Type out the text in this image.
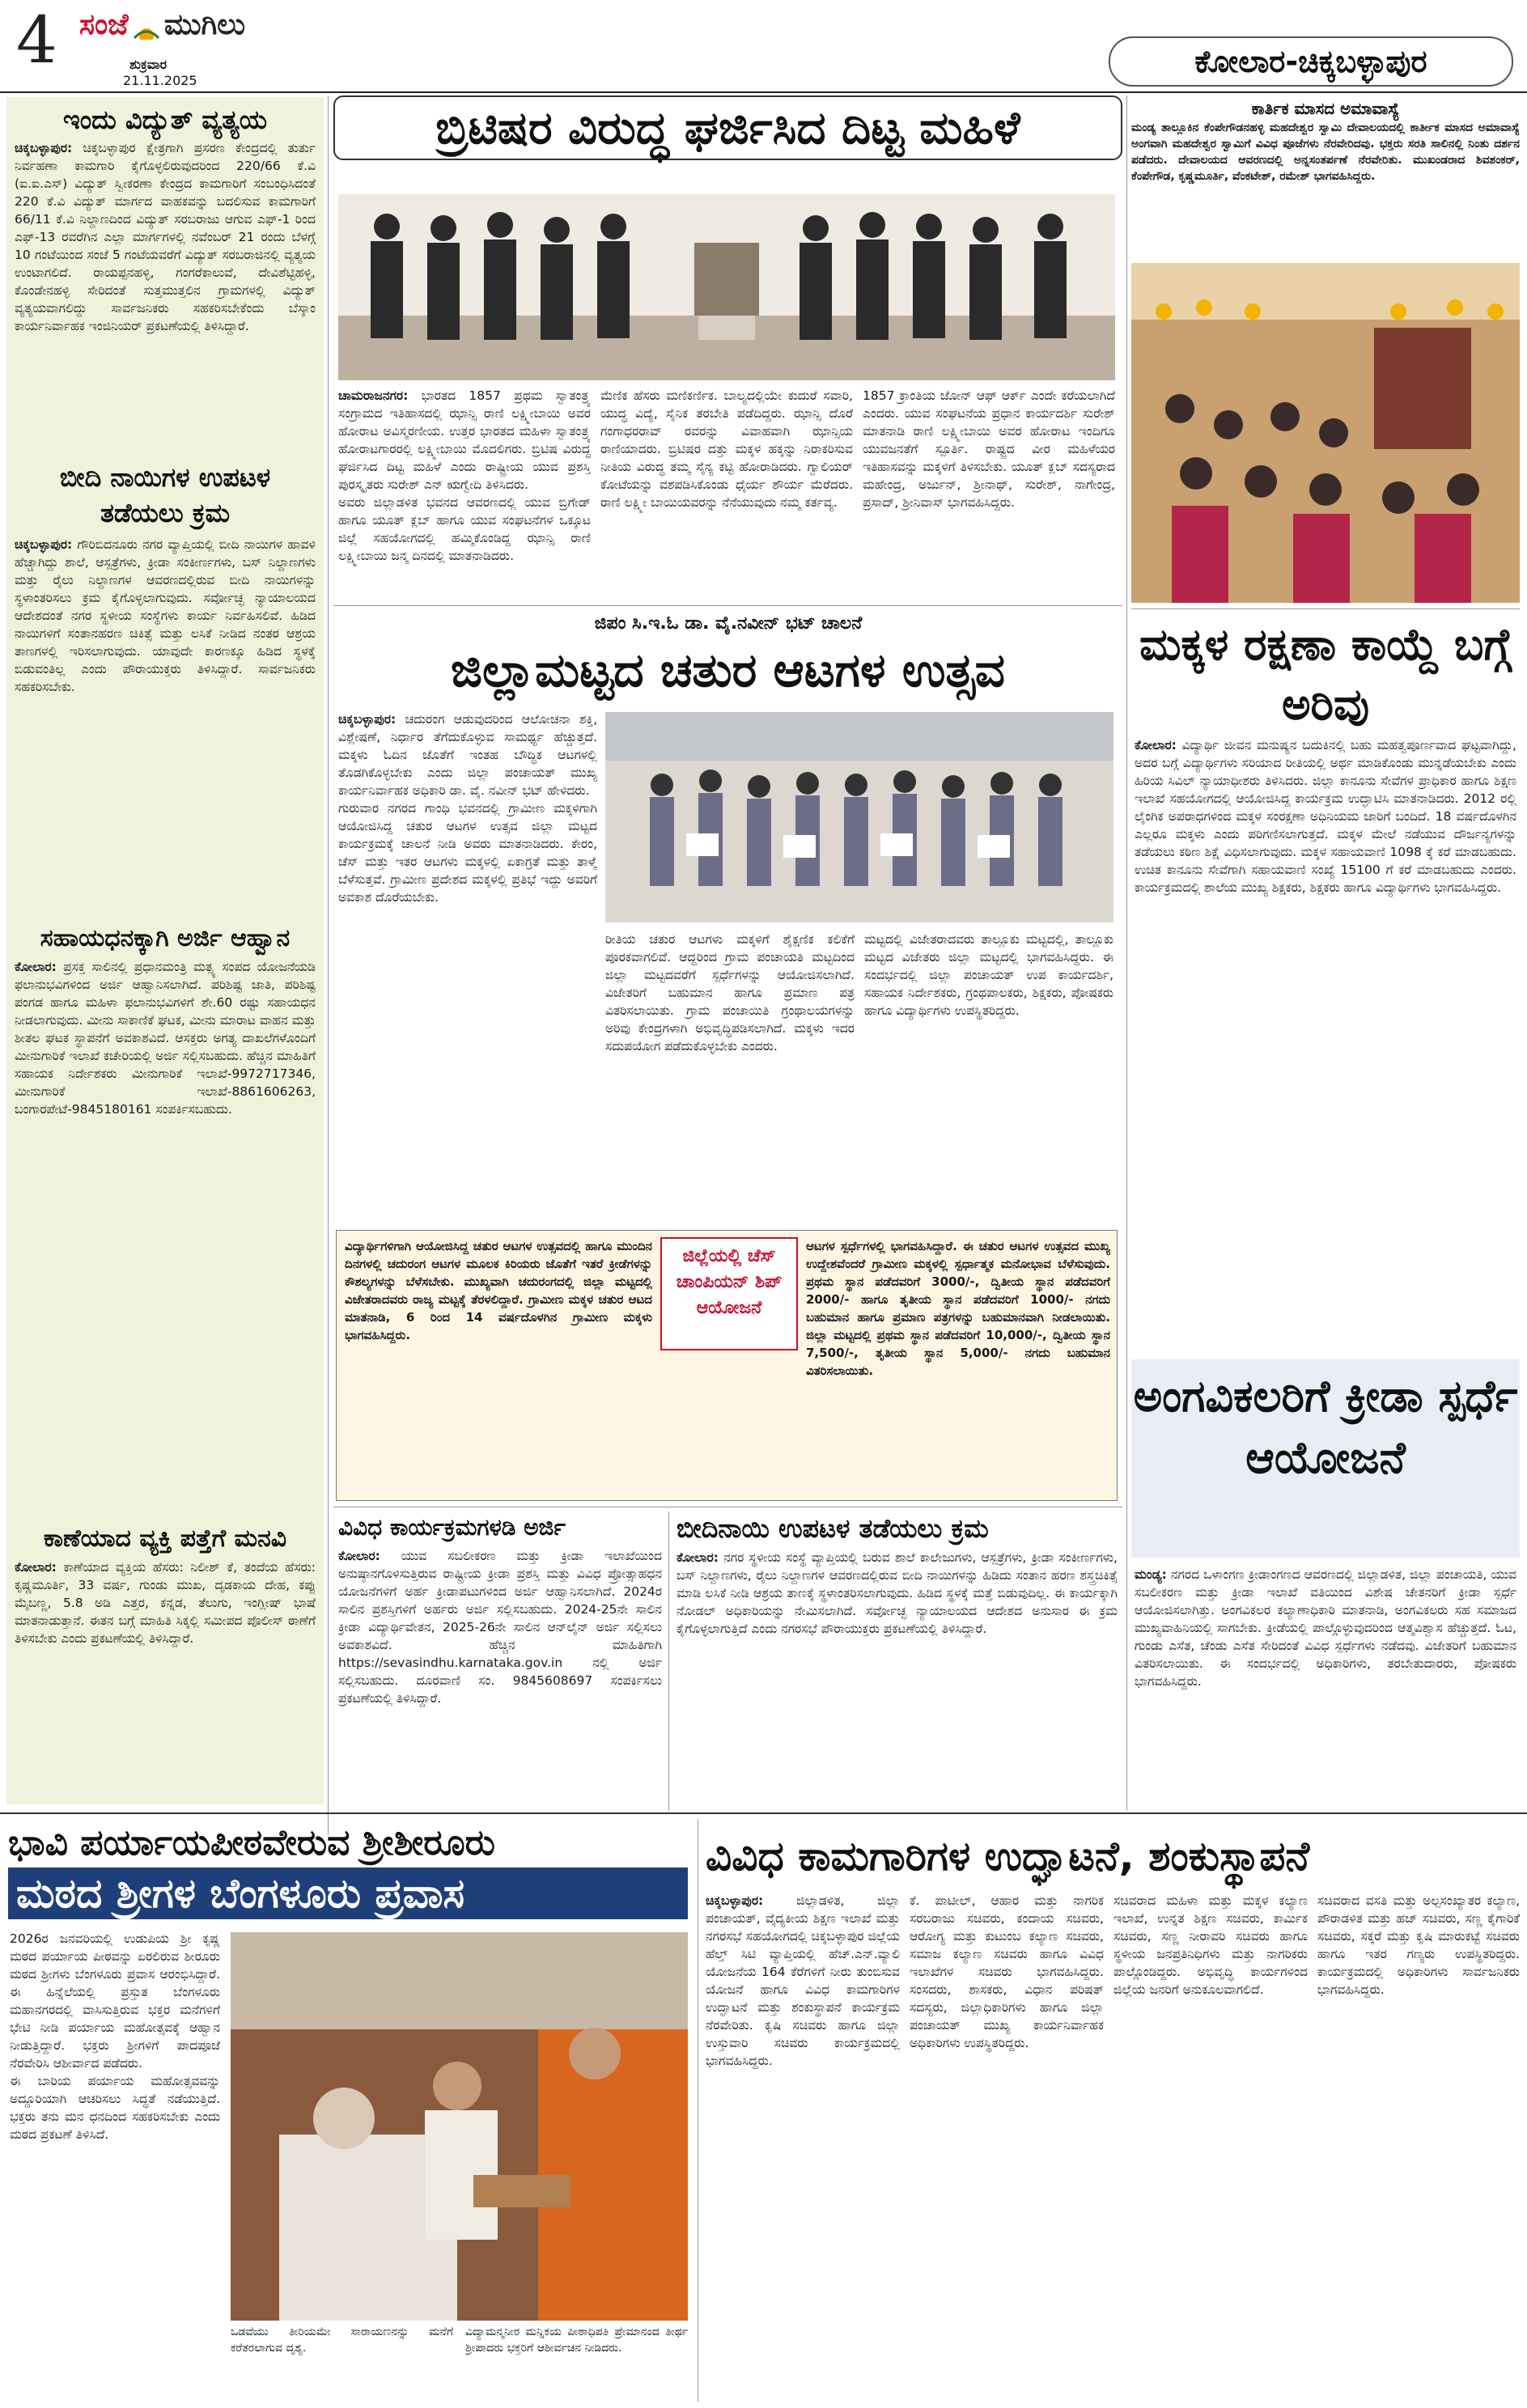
4 ಸಂಜೆ ಮುಗಿಲು
ಶುಕ್ರವಾರ
21.11.2025
ಕೋಲಾರ-ಚಿಕ್ಕಬಳ್ಳಾಪುರ
ಇಂದು ವಿದ್ಯುತ್ ವ್ಯತ್ಯಯ
ಚಿಕ್ಕಬಳ್ಳಾಪುರ: ಚಿಕ್ಕಬಳ್ಳಾಪುರ ಕ್ಷೇತ್ರಗಾಗಿ ಪ್ರಸರಣ ಕೇಂದ್ರದಲ್ಲಿ ತುರ್ತು ನಿರ್ವಹಣಾ ಕಾಮಗಾರಿ ಕೈಗೊಳ್ಳಲಿರುವುದರಿಂದ 220/66 ಕೆ.ವಿ (ಐ.ಐ.ಎಸ್) ವಿದ್ಯುತ್ ಸ್ವೀಕರಣಾ ಕೇಂದ್ರದ ಕಾಮಗಾರಿಗೆ ಸಂಬಂಧಿಸಿದಂತೆ 220 ಕೆ.ವಿ ವಿದ್ಯುತ್ ಮಾರ್ಗದ ವಾಹಕವನ್ನು ಬದಲಿಸುವ ಕಾಮಗಾರಿಗೆ 66/11 ಕೆ.ವಿ ನಿಲ್ದಾಣದಿಂದ ವಿದ್ಯುತ್ ಸರಬರಾಜು ಆಗುವ ಎಫ್-1 ರಿಂದ ಎಫ್-13 ರವರೆಗಿನ ಎಲ್ಲಾ ಮಾರ್ಗಗಳಲ್ಲಿ ನವೆಂಬರ್ 21 ರಂದು ಬೆಳಗ್ಗೆ 10 ಗಂಟೆಯಿಂದ ಸಂಜೆ 5 ಗಂಟೆಯವರೆಗೆ ವಿದ್ಯುತ್ ಸರಬರಾಜಿನಲ್ಲಿ ವ್ಯತ್ಯಯ ಉಂಟಾಗಲಿದೆ. ರಾಯಪ್ಪನಹಳ್ಳಿ, ಗಂಗರೆಕಾಲುವೆ, ದೇವಿಶೆಟ್ಟಿಹಳ್ಳಿ, ಕೊಂಡೇನಹಳ್ಳಿ ಸೇರಿದಂತೆ ಸುತ್ತಮುತ್ತಲಿನ ಗ್ರಾಮಗಳಲ್ಲಿ ವಿದ್ಯುತ್ ವ್ಯತ್ಯಯವಾಗಲಿದ್ದು ಸಾರ್ವಜನಿಕರು ಸಹಕರಿಸಬೇಕೆಂದು ಬೆಸ್ಕಾಂ ಕಾರ್ಯನಿರ್ವಾಹಕ ಇಂಜಿನಿಯರ್ ಪ್ರಕಟಣೆಯಲ್ಲಿ ತಿಳಿಸಿದ್ದಾರೆ.
ಬೀದಿ ನಾಯಿಗಳ ಉಪಟಳ ತಡೆಯಲು ಕ್ರಮ
ಚಿಕ್ಕಬಳ್ಳಾಪುರ: ಗೌರಿಬಿದನೂರು ನಗರ ವ್ಯಾಪ್ತಿಯಲ್ಲಿ ಬೀದಿ ನಾಯಿಗಳ ಹಾವಳಿ ಹೆಚ್ಚಾಗಿದ್ದು ಶಾಲೆ, ಆಸ್ಪತ್ರೆಗಳು, ಕ್ರೀಡಾ ಸಂಕೀರ್ಣಗಳು, ಬಸ್ ನಿಲ್ದಾಣಗಳು ಮತ್ತು ರೈಲು ನಿಲ್ದಾಣಗಳ ಆವರಣದಲ್ಲಿರುವ ಬೀದಿ ನಾಯಿಗಳನ್ನು ಸ್ಥಳಾಂತರಿಸಲು ಕ್ರಮ ಕೈಗೊಳ್ಳಲಾಗುವುದು. ಸರ್ವೋಚ್ಛ ನ್ಯಾಯಾಲಯದ ಆದೇಶದಂತೆ ನಗರ ಸ್ಥಳೀಯ ಸಂಸ್ಥೆಗಳು ಕಾರ್ಯ ನಿರ್ವಹಿಸಲಿವೆ. ಹಿಡಿದ ನಾಯಿಗಳಿಗೆ ಸಂತಾನಹರಣ ಚಿಕಿತ್ಸೆ ಮತ್ತು ಲಸಿಕೆ ನೀಡಿದ ನಂತರ ಆಶ್ರಯ ತಾಣಗಳಲ್ಲಿ ಇರಿಸಲಾಗುವುದು. ಯಾವುದೇ ಕಾರಣಕ್ಕೂ ಹಿಡಿದ ಸ್ಥಳಕ್ಕೆ ಬಿಡುವಂತಿಲ್ಲ ಎಂದು ಪೌರಾಯುಕ್ತರು ತಿಳಿಸಿದ್ದಾರೆ. ಸಾರ್ವಜನಿಕರು ಸಹಕರಿಸಬೇಕು.
ಸಹಾಯಧನಕ್ಕಾಗಿ ಅರ್ಜಿ ಆಹ್ವಾನ
ಕೋಲಾರ: ಪ್ರಸಕ್ತ ಸಾಲಿನಲ್ಲಿ ಪ್ರಧಾನಮಂತ್ರಿ ಮತ್ಸ್ಯ ಸಂಪದ ಯೋಜನೆಯಡಿ ಫಲಾನುಭವಿಗಳಿಂದ ಅರ್ಜಿ ಆಹ್ವಾನಿಸಲಾಗಿದೆ. ಪರಿಶಿಷ್ಟ ಜಾತಿ, ಪರಿಶಿಷ್ಟ ಪಂಗಡ ಹಾಗೂ ಮಹಿಳಾ ಫಲಾನುಭವಿಗಳಿಗೆ ಶೇ.60 ರಷ್ಟು ಸಹಾಯಧನ ನೀಡಲಾಗುವುದು. ಮೀನು ಸಾಕಾಣಿಕೆ ಘಟಕ, ಮೀನು ಮಾರಾಟ ವಾಹನ ಮತ್ತು ಶೀತಲ ಘಟಕ ಸ್ಥಾಪನೆಗೆ ಅವಕಾಶವಿದೆ. ಆಸಕ್ತರು ಅಗತ್ಯ ದಾಖಲೆಗಳೊಂದಿಗೆ ಮೀನುಗಾರಿಕೆ ಇಲಾಖೆ ಕಚೇರಿಯಲ್ಲಿ ಅರ್ಜಿ ಸಲ್ಲಿಸಬಹುದು. ಹೆಚ್ಚಿನ ಮಾಹಿತಿಗೆ ಸಹಾಯಕ ನಿರ್ದೇಶಕರು ಮೀನುಗಾರಿಕೆ ಇಲಾಖೆ-9972717346, ಮೀನುಗಾರಿಕೆ ಇಲಾಖೆ-8861606263, ಬಂಗಾರಪೇಟೆ-9845180161 ಸಂಪರ್ಕಿಸಬಹುದು.
ಕಾಣೆಯಾದ ವ್ಯಕ್ತಿ ಪತ್ತೆಗೆ ಮನವಿ
ಕೋಲಾರ: ಕಾಣೆಯಾದ ವ್ಯಕ್ತಿಯ ಹೆಸರು: ನಿಲೀಶ್ ಕೆ, ತಂದೆಯ ಹೆಸರು: ಕೃಷ್ಣಮೂರ್ತಿ, 33 ವರ್ಷ, ಗುಂಡು ಮುಖ, ದೃಡಕಾಯ ದೇಹ, ಕಪ್ಪು ಮೈಬಣ್ಣ, 5.8 ಅಡಿ ಎತ್ತರ, ಕನ್ನಡ, ತೆಲುಗು, ಇಂಗ್ಲೀಷ್ ಭಾಷೆ ಮಾತನಾಡುತ್ತಾನೆ. ಈತನ ಬಗ್ಗೆ ಮಾಹಿತಿ ಸಿಕ್ಕಲ್ಲಿ ಸಮೀಪದ ಪೊಲೀಸ್ ಠಾಣೆಗೆ ತಿಳಿಸಬೇಕು ಎಂದು ಪ್ರಕಟಣೆಯಲ್ಲಿ ತಿಳಿಸಿದ್ದಾರೆ.
ಬ್ರಿಟಿಷರ ವಿರುದ್ಧ ಘರ್ಜಿಸಿದ ದಿಟ್ಟ ಮಹಿಳೆ
ಚಾಮರಾಜನಗರ: ಭಾರತದ 1857 ಪ್ರಥಮ ಸ್ವಾತಂತ್ರ್ಯ ಸಂಗ್ರಾಮದ ಇತಿಹಾಸದಲ್ಲಿ ಝಾನ್ಸಿ ರಾಣಿ ಲಕ್ಷ್ಮೀಬಾಯಿ ಅವರ ಹೋರಾಟ ಅವಿಸ್ಮರಣೀಯ. ಉತ್ತರ ಭಾರತದ ಮಹಿಳಾ ಸ್ವಾತಂತ್ರ್ಯ ಹೋರಾಟಗಾರರಲ್ಲಿ ಲಕ್ಷ್ಮೀಬಾಯಿ ಮೊದಲಿಗರು. ಬ್ರಿಟಿಷ ವಿರುದ್ಧ ಘರ್ಜಿಸಿದ ದಿಟ್ಟ ಮಹಿಳೆ ಎಂದು ರಾಷ್ಟ್ರೀಯ ಯುವ ಪ್ರಶಸ್ತಿ ಪುರಸ್ಕೃತರು ಸುರೇಶ್ ಎನ್ ಋಗ್ವೇದಿ ತಿಳಿಸಿದರು.

ಅವರು ಜಿಲ್ಲಾಡಳಿತ ಭವನದ ಆವರಣದಲ್ಲಿ ಯುವ ಬ್ರಿಗೇಡ್ ಹಾಗೂ ಯೂತ್ ಕ್ಲಬ್ ಹಾಗೂ ಯುವ ಸಂಘಟನೆಗಳ ಒಕ್ಕೂಟ ಜಿಲ್ಲೆ ಸಹಯೋಗದಲ್ಲಿ ಹಮ್ಮಿಕೊಂಡಿದ್ದ ಝಾನ್ಸಿ ರಾಣಿ ಲಕ್ಷ್ಮೀಬಾಯಿ ಜನ್ಮ ದಿನದಲ್ಲಿ ಮಾತನಾಡಿದರು.

ಮೆಣಿಕ ಹೆಸರು ಮಣಿಕರ್ಣಿಕ. ಬಾಲ್ಯದಲ್ಲಿಯೇ ಕುದುರೆ ಸವಾರಿ, ಯುದ್ಧ ವಿದ್ಯೆ, ಸೈನಿಕ ತರಬೇತಿ ಪಡೆದಿದ್ದರು. ಝಾನ್ಸಿ ದೊರೆ ಗಂಗಾಧರರಾವ್ ರವರನ್ನು ವಿವಾಹವಾಗಿ ಝಾನ್ಸಿಯ ರಾಣಿಯಾದರು. ಬ್ರಿಟಿಷರ ದತ್ತು ಮಕ್ಕಳ ಹಕ್ಕನ್ನು ನಿರಾಕರಿಸುವ ನೀತಿಯ ವಿರುದ್ಧ ತಮ್ಮ ಸೈನ್ಯ ಕಟ್ಟಿ ಹೋರಾಡಿದರು. ಗ್ವಾಲಿಯರ್ ಕೋಟೆಯನ್ನು ವಶಪಡಿಸಿಕೊಂಡು ಧೈರ್ಯ ಶೌರ್ಯ ಮೆರೆದರು. ರಾಣಿ ಲಕ್ಷ್ಮೀ ಬಾಯಿಯವರನ್ನು ನೆನೆಯುವುದು ನಮ್ಮ ಕರ್ತವ್ಯ.
1857 ಕ್ರಾಂತಿಯ ಜೋನ್ ಆಫ್ ಆರ್ಕ್ ಎಂದೇ ಕರೆಯಲಾಗಿದೆ ಎಂದರು. ಯುವ ಸಂಘಟನೆಯ ಪ್ರಧಾನ ಕಾರ್ಯದರ್ಶಿ ಸುರೇಶ್ ಮಾತನಾಡಿ ರಾಣಿ ಲಕ್ಷ್ಮೀಬಾಯಿ ಅವರ ಹೋರಾಟ ಇಂದಿಗೂ ಯುವಜನತೆಗೆ ಸ್ಪೂರ್ತಿ. ರಾಷ್ಟ್ರದ ವೀರ ಮಹಿಳೆಯರ ಇತಿಹಾಸವನ್ನು ಮಕ್ಕಳಿಗೆ ತಿಳಿಸಬೇಕು. ಯೂತ್ ಕ್ಲಬ್ ಸದಸ್ಯರಾದ ಮಹೇಂದ್ರ, ಅರ್ಜುನ್, ಶ್ರೀನಾಥ್, ಸುರೇಶ್, ನಾಗೇಂದ್ರ, ಪ್ರಸಾದ್, ಶ್ರೀನಿವಾಸ್ ಭಾಗವಹಿಸಿದ್ದರು.
ಕಾರ್ತಿಕ ಮಾಸದ ಅಮಾವಾಸ್ಯೆ
ಮಂಡ್ಯ ತಾಲ್ಲೂಕಿನ ಕೆಂಪೇಗೌಡನಹಳ್ಳಿ ಮಹದೇಶ್ವರ ಸ್ವಾಮಿ ದೇವಾಲಯದಲ್ಲಿ ಕಾರ್ತೀಕ ಮಾಸದ ಅಮಾವಾಸ್ಯೆ ಅಂಗವಾಗಿ ಮಹದೇಶ್ವರ ಸ್ವಾಮಿಗೆ ವಿವಿಧ ಪೂಜೆಗಳು ನೆರವೇರಿದವು. ಭಕ್ತರು ಸರತಿ ಸಾಲಿನಲ್ಲಿ ನಿಂತು ದರ್ಶನ ಪಡೆದರು. ದೇವಾಲಯದ ಆವರಣದಲ್ಲಿ ಅನ್ನಸಂತರ್ಪಣೆ ನೆರವೇರಿತು. ಮುಖಂಡರಾದ ಶಿವಶಂಕರ್, ಕೆಂಪೇಗೌಡ, ಕೃಷ್ಣಮೂರ್ತಿ, ವೆಂಕಟೇಶ್, ರಮೇಶ್ ಭಾಗವಹಿಸಿದ್ದರು.
ಜಿಪಂ ಸಿ.ಇ.ಓ ಡಾ. ವೈ.ನವೀನ್ ಭಟ್ ಚಾಲನೆ
ಜಿಲ್ಲಾಮಟ್ಟದ ಚತುರ ಆಟಗಳ ಉತ್ಸವ
ಚಿಕ್ಕಬಳ್ಳಾಪುರ: ಚದುರಂಗ ಆಡುವುದರಿಂದ ಆಲೋಚನಾ ಶಕ್ತಿ, ವಿಶ್ಲೇಷಣೆ, ನಿರ್ಧಾರ ತೆಗೆದುಕೊಳ್ಳುವ ಸಾಮರ್ಥ್ಯ ಹೆಚ್ಚುತ್ತದೆ. ಮಕ್ಕಳು ಓದಿನ ಜೊತೆಗೆ ಇಂತಹ ಬೌದ್ಧಿಕ ಆಟಗಳಲ್ಲಿ ತೊಡಗಿಕೊಳ್ಳಬೇಕು ಎಂದು ಜಿಲ್ಲಾ ಪಂಚಾಯತ್ ಮುಖ್ಯ ಕಾರ್ಯನಿರ್ವಾಹಕ ಅಧಿಕಾರಿ ಡಾ. ವೈ. ನವೀನ್ ಭಟ್ ಹೇಳಿದರು.

ಗುರುವಾರ ನಗರದ ಗಾಂಧಿ ಭವನದಲ್ಲಿ ಗ್ರಾಮೀಣ ಮಕ್ಕಳಿಗಾಗಿ ಆಯೋಜಿಸಿದ್ದ ಚತುರ ಆಟಗಳ ಉತ್ಸವ ಜಿಲ್ಲಾ ಮಟ್ಟದ ಕಾರ್ಯಕ್ರಮಕ್ಕೆ ಚಾಲನೆ ನೀಡಿ ಅವರು ಮಾತನಾಡಿದರು. ಕೇರಂ, ಚೆಸ್ ಮತ್ತು ಇತರ ಆಟಗಳು ಮಕ್ಕಳಲ್ಲಿ ಏಕಾಗ್ರತೆ ಮತ್ತು ತಾಳ್ಮೆ ಬೆಳೆಸುತ್ತವೆ. ಗ್ರಾಮೀಣ ಪ್ರದೇಶದ ಮಕ್ಕಳಲ್ಲಿ ಪ್ರತಿಭೆ ಇದ್ದು ಅವರಿಗೆ ಅವಕಾಶ ದೊರೆಯಬೇಕು.

ರೀತಿಯ ಚತುರ ಆಟಗಳು ಮಕ್ಕಳಿಗೆ ಶೈಕ್ಷಣಿಕ ಕಲಿಕೆಗೆ ಪೂರಕವಾಗಲಿವೆ. ಆದ್ದರಿಂದ ಗ್ರಾಮ ಪಂಚಾಯತಿ ಮಟ್ಟದಿಂದ ಜಿಲ್ಲಾ ಮಟ್ಟದವರೆಗೆ ಸ್ಪರ್ಧೆಗಳನ್ನು ಆಯೋಜಿಸಲಾಗಿದೆ. ವಿಜೇತರಿಗೆ ಬಹುಮಾನ ಹಾಗೂ ಪ್ರಮಾಣ ಪತ್ರ ವಿತರಿಸಲಾಯಿತು. ಗ್ರಾಮ ಪಂಚಾಯಿತಿ ಗ್ರಂಥಾಲಯಗಳನ್ನು ಅರಿವು ಕೇಂದ್ರಗಳಾಗಿ ಅಭಿವೃದ್ಧಿಪಡಿಸಲಾಗಿದೆ. ಮಕ್ಕಳು ಇದರ ಸದುಪಯೋಗ ಪಡೆದುಕೊಳ್ಳಬೇಕು ಎಂದರು.
ಮಟ್ಟದಲ್ಲಿ ವಿಜೇತರಾದವರು ತಾಲ್ಲೂಕು ಮಟ್ಟದಲ್ಲಿ, ತಾಲ್ಲೂಕು ಮಟ್ಟದ ವಿಜೇತರು ಜಿಲ್ಲಾ ಮಟ್ಟದಲ್ಲಿ ಭಾಗವಹಿಸಿದ್ದರು. ಈ ಸಂದರ್ಭದಲ್ಲಿ ಜಿಲ್ಲಾ ಪಂಚಾಯತ್ ಉಪ ಕಾರ್ಯದರ್ಶಿ, ಸಹಾಯಕ ನಿರ್ದೇಶಕರು, ಗ್ರಂಥಪಾಲಕರು, ಶಿಕ್ಷಕರು, ಪೋಷಕರು ಹಾಗೂ ವಿದ್ಯಾರ್ಥಿಗಳು ಉಪಸ್ಥಿತರಿದ್ದರು.
ವಿದ್ಯಾರ್ಥಿಗಳಿಗಾಗಿ ಆಯೋಜಿಸಿದ್ದ ಚತುರ ಆಟಗಳ ಉತ್ಸವದಲ್ಲಿ ಹಾಗೂ ಮುಂದಿನ ದಿನಗಳಲ್ಲಿ ಚದುರಂಗ ಆಟಗಳ ಮೂಲಕ ಕಿರಿಯರು ಜೊತೆಗೆ ಇತರೆ ಕ್ರೀಡೆಗಳನ್ನು ಕೌಶಲ್ಯಗಳನ್ನು ಬೆಳೆಸಬೇಕು. ಮುಖ್ಯವಾಗಿ ಚದುರಂಗದಲ್ಲಿ ಜಿಲ್ಲಾ ಮಟ್ಟದಲ್ಲಿ ವಿಜೇತರಾದವರು ರಾಜ್ಯ ಮಟ್ಟಕ್ಕೆ ತೆರಳಲಿದ್ದಾರೆ. ಗ್ರಾಮೀಣ ಮಕ್ಕಳ ಚತುರ ಆಟದ ಮಾತನಾಡಿ, 6 ರಿಂದ 14 ವರ್ಷದೊಳಗಿನ ಗ್ರಾಮೀಣ ಮಕ್ಕಳು ಭಾಗವಹಿಸಿದ್ದರು.
ಜಿಲ್ಲೆಯಲ್ಲಿ ಚೆಸ್ ಚಾಂಪಿಯನ್ ಶಿಪ್ ಆಯೋಜನೆ
ಆಟಗಳ ಸ್ಪರ್ಧೆಗಳಲ್ಲಿ ಭಾಗವಹಿಸಿದ್ದಾರೆ. ಈ ಚತುರ ಆಟಗಳ ಉತ್ಸವದ ಮುಖ್ಯ ಉದ್ದೇಶವೆಂದರೆ ಗ್ರಾಮೀಣ ಮಕ್ಕಳಲ್ಲಿ ಸ್ಪರ್ಧಾತ್ಮಕ ಮನೋಭಾವ ಬೆಳೆಸುವುದು. ಪ್ರಥಮ ಸ್ಥಾನ ಪಡೆದವರಿಗೆ 3000/-, ದ್ವಿತೀಯ ಸ್ಥಾನ ಪಡೆದವರಿಗೆ 2000/- ಹಾಗೂ ತೃತೀಯ ಸ್ಥಾನ ಪಡೆದವರಿಗೆ 1000/- ನಗದು ಬಹುಮಾನ ಹಾಗೂ ಪ್ರಮಾಣ ಪತ್ರಗಳನ್ನು ಬಹುಮಾನವಾಗಿ ನೀಡಲಾಯಿತು. ಜಿಲ್ಲಾ ಮಟ್ಟದಲ್ಲಿ ಪ್ರಥಮ ಸ್ಥಾನ ಪಡೆದವರಿಗೆ 10,000/-, ದ್ವಿತೀಯ ಸ್ಥಾನ 7,500/-, ತೃತೀಯ ಸ್ಥಾನ 5,000/- ನಗದು ಬಹುಮಾನ ವಿತರಿಸಲಾಯಿತು.
ಮಕ್ಕಳ ರಕ್ಷಣಾ ಕಾಯ್ದೆ ಬಗ್ಗೆ ಅರಿವು
ಕೋಲಾರ: ವಿದ್ಯಾರ್ಥಿ ಜೀವನ ಮನುಷ್ಯನ ಬದುಕಿನಲ್ಲಿ ಬಹು ಮಹತ್ವಪೂರ್ಣವಾದ ಘಟ್ಟವಾಗಿದ್ದು, ಅದರ ಬಗ್ಗೆ ವಿದ್ಯಾರ್ಥಿಗಳು ಸರಿಯಾದ ರೀತಿಯಲ್ಲಿ ಅರ್ಥ ಮಾಡಿಕೊಂಡು ಮುನ್ನಡೆಯಬೇಕು ಎಂದು ಹಿರಿಯ ಸಿವಿಲ್ ನ್ಯಾಯಾಧೀಶರು ತಿಳಿಸಿದರು. ಜಿಲ್ಲಾ ಕಾನೂನು ಸೇವೆಗಳ ಪ್ರಾಧಿಕಾರ ಹಾಗೂ ಶಿಕ್ಷಣ ಇಲಾಖೆ ಸಹಯೋಗದಲ್ಲಿ ಆಯೋಜಿಸಿದ್ದ ಕಾರ್ಯಕ್ರಮ ಉದ್ಘಾಟಿಸಿ ಮಾತನಾಡಿದರು. 2012 ರಲ್ಲಿ ಲೈಂಗಿಕ ಅಪರಾಧಗಳಿಂದ ಮಕ್ಕಳ ಸಂರಕ್ಷಣಾ ಅಧಿನಿಯಮ ಜಾರಿಗೆ ಬಂದಿದೆ. 18 ವರ್ಷದೊಳಗಿನ ಎಲ್ಲರೂ ಮಕ್ಕಳು ಎಂದು ಪರಿಗಣಿಸಲಾಗುತ್ತದೆ. ಮಕ್ಕಳ ಮೇಲೆ ನಡೆಯುವ ದೌರ್ಜನ್ಯಗಳನ್ನು ತಡೆಯಲು ಕಠಿಣ ಶಿಕ್ಷೆ ವಿಧಿಸಲಾಗುವುದು. ಮಕ್ಕಳ ಸಹಾಯವಾಣಿ 1098 ಕ್ಕೆ ಕರೆ ಮಾಡಬಹುದು. ಉಚಿತ ಕಾನೂನು ಸೇವೆಗಾಗಿ ಸಹಾಯವಾಣಿ ಸಂಖ್ಯೆ 15100 ಗೆ ಕರೆ ಮಾಡಬಹುದು ಎಂದರು. ಕಾರ್ಯಕ್ರಮದಲ್ಲಿ ಶಾಲೆಯ ಮುಖ್ಯ ಶಿಕ್ಷಕರು, ಶಿಕ್ಷಕರು ಹಾಗೂ ವಿದ್ಯಾರ್ಥಿಗಳು ಭಾಗವಹಿಸಿದ್ದರು.
ಅಂಗವಿಕಲರಿಗೆ ಕ್ರೀಡಾ ಸ್ಪರ್ಧೆ ಆಯೋಜನೆ
ಮಂಡ್ಯ: ನಗರದ ಒಳಾಂಗಣ ಕ್ರೀಡಾಂಗಣದ ಆವರಣದಲ್ಲಿ ಜಿಲ್ಲಾಡಳಿತ, ಜಿಲ್ಲಾ ಪಂಚಾಯತಿ, ಯುವ ಸಬಲೀಕರಣ ಮತ್ತು ಕ್ರೀಡಾ ಇಲಾಖೆ ವತಿಯಿಂದ ವಿಶೇಷ ಚೇತನರಿಗೆ ಕ್ರೀಡಾ ಸ್ಪರ್ಧೆ ಆಯೋಜಿಸಲಾಗಿತ್ತು. ಅಂಗವಿಕಲರ ಕಲ್ಯಾಣಾಧಿಕಾರಿ ಮಾತನಾಡಿ, ಅಂಗವಿಕಲರು ಸಹ ಸಮಾಜದ ಮುಖ್ಯವಾಹಿನಿಯಲ್ಲಿ ಸಾಗಬೇಕು. ಕ್ರೀಡೆಯಲ್ಲಿ ಪಾಲ್ಗೊಳ್ಳುವುದರಿಂದ ಆತ್ಮವಿಶ್ವಾಸ ಹೆಚ್ಚುತ್ತದೆ. ಓಟ, ಗುಂಡು ಎಸೆತ, ಚೆಂಡು ಎಸೆತ ಸೇರಿದಂತೆ ವಿವಿಧ ಸ್ಪರ್ಧೆಗಳು ನಡೆದವು. ವಿಜೇತರಿಗೆ ಬಹುಮಾನ ವಿತರಿಸಲಾಯಿತು. ಈ ಸಂದರ್ಭದಲ್ಲಿ ಅಧಿಕಾರಿಗಳು, ತರಬೇತುದಾರರು, ಪೋಷಕರು ಭಾಗವಹಿಸಿದ್ದರು.
ವಿವಿಧ ಕಾರ್ಯಕ್ರಮಗಳಡಿ ಅರ್ಜಿ
ಕೋಲಾರ: ಯುವ ಸಬಲೀಕರಣ ಮತ್ತು ಕ್ರೀಡಾ ಇಲಾಖೆಯಿಂದ ಅನುಷ್ಠಾನಗೊಳಿಸುತ್ತಿರುವ ರಾಷ್ಟ್ರೀಯ ಕ್ರೀಡಾ ಪ್ರಶಸ್ತಿ ಮತ್ತು ವಿವಿಧ ಪ್ರೋತ್ಸಾಹಧನ ಯೋಜನೆಗಳಿಗೆ ಅರ್ಹ ಕ್ರೀಡಾಪಟುಗಳಿಂದ ಅರ್ಜಿ ಆಹ್ವಾನಿಸಲಾಗಿದೆ. 2024ರ ಸಾಲಿನ ಪ್ರಶಸ್ತಿಗಳಿಗೆ ಅರ್ಹರು ಅರ್ಜಿ ಸಲ್ಲಿಸಬಹುದು. 2024-25ನೇ ಸಾಲಿನ ಕ್ರೀಡಾ ವಿದ್ಯಾರ್ಥಿವೇತನ, 2025-26ನೇ ಸಾಲಿನ ಆನ್‌ಲೈನ್ ಅರ್ಜಿ ಸಲ್ಲಿಸಲು ಅವಕಾಶವಿದೆ. ಹೆಚ್ಚಿನ ಮಾಹಿತಿಗಾಗಿ https://sevasindhu.karnataka.gov.in ನಲ್ಲಿ ಅರ್ಜಿ ಸಲ್ಲಿಸಬಹುದು. ದೂರವಾಣಿ ಸಂ. 9845608697 ಸಂಪರ್ಕಿಸಲು ಪ್ರಕಟಣೆಯಲ್ಲಿ ತಿಳಿಸಿದ್ದಾರೆ.
ಬೀದಿನಾಯಿ ಉಪಟಳ ತಡೆಯಲು ಕ್ರಮ
ಕೋಲಾರ: ನಗರ ಸ್ಥಳೀಯ ಸಂಸ್ಥೆ ವ್ಯಾಪ್ತಿಯಲ್ಲಿ ಬರುವ ಶಾಲೆ ಕಾಲೇಜುಗಳು, ಆಸ್ಪತ್ರೆಗಳು, ಕ್ರೀಡಾ ಸಂಕೀರ್ಣಗಳು, ಬಸ್ ನಿಲ್ದಾಣಗಳು, ರೈಲು ನಿಲ್ದಾಣಗಳ ಆವರಣದಲ್ಲಿರುವ ಬೀದಿ ನಾಯಿಗಳನ್ನು ಹಿಡಿದು ಸಂತಾನ ಹರಣ ಶಸ್ತ್ರಚಿಕಿತ್ಸೆ ಮಾಡಿ ಲಸಿಕೆ ನೀಡಿ ಆಶ್ರಯ ತಾಣಕ್ಕೆ ಸ್ಥಳಾಂತರಿಸಲಾಗುವುದು. ಹಿಡಿದ ಸ್ಥಳಕ್ಕೆ ಮತ್ತೆ ಬಿಡುವುದಿಲ್ಲ. ಈ ಕಾರ್ಯಕ್ಕಾಗಿ ನೋಡಲ್ ಅಧಿಕಾರಿಯನ್ನು ನೇಮಿಸಲಾಗಿದೆ. ಸರ್ವೋಚ್ಛ ನ್ಯಾಯಾಲಯದ ಆದೇಶದ ಅನುಸಾರ ಈ ಕ್ರಮ ಕೈಗೊಳ್ಳಲಾಗುತ್ತಿದೆ ಎಂದು ನಗರಸಭೆ ಪೌರಾಯುಕ್ತರು ಪ್ರಕಟಣೆಯಲ್ಲಿ ತಿಳಿಸಿದ್ದಾರೆ.
ಭಾವಿ ಪರ್ಯಾಯಪೀಠವೇರುವ ಶ್ರೀಶೀರೂರು
ಮಠದ ಶ್ರೀಗಳ ಬೆಂಗಳೂರು ಪ್ರವಾಸ
2026ರ ಜನವರಿಯಲ್ಲಿ ಉಡುಪಿಯ ಶ್ರೀ ಕೃಷ್ಣ ಮಠದ ಪರ್ಯಾಯ ಪೀಠವನ್ನು ಏರಲಿರುವ ಶೀರೂರು ಮಠದ ಶ್ರೀಗಳು ಬೆಂಗಳೂರು ಪ್ರವಾಸ ಆರಂಭಿಸಿದ್ದಾರೆ. ಈ ಹಿನ್ನೆಲೆಯಲ್ಲಿ ಪ್ರಸ್ತುತ ಬೆಂಗಳೂರು ಮಹಾನಗರದಲ್ಲಿ ವಾಸಿಸುತ್ತಿರುವ ಭಕ್ತರ ಮನೆಗಳಿಗೆ ಭೇಟಿ ನೀಡಿ ಪರ್ಯಾಯ ಮಹೋತ್ಸವಕ್ಕೆ ಆಹ್ವಾನ ನೀಡುತ್ತಿದ್ದಾರೆ. ಭಕ್ತರು ಶ್ರೀಗಳಿಗೆ ಪಾದಪೂಜೆ ನೆರವೇರಿಸಿ ಆಶೀರ್ವಾದ ಪಡೆದರು.

ಈ ಬಾರಿಯ ಪರ್ಯಾಯ ಮಹೋತ್ಸವವನ್ನು ಅದ್ದೂರಿಯಾಗಿ ಆಚರಿಸಲು ಸಿದ್ಧತೆ ನಡೆಯುತ್ತಿದೆ. ಭಕ್ತರು ತನು ಮನ ಧನದಿಂದ ಸಹಕರಿಸಬೇಕು ಎಂದು ಮಠದ ಪ್ರಕಟಣೆ ತಿಳಿಸಿದೆ.

ಒಡವೆಯು ತೀರಿಯಮೇ ಸಾರಾಯಣನನ್ನು ಮನೆಗೆ ಕರೆತರಲಾಗುವ ದೃಶ್ಯ.
ವಿದ್ಯಾಮನ್ಮನೀರ ಮನ್ನಿಕಯ ಪೀಠಾಧಿಪತಿ ಪ್ರೇಮಾನಂದ ತೀರ್ಥ ಶ್ರೀಪಾದರು ಭಕ್ತರಿಗೆ ಆಶೀರ್ವಚನ ನೀಡಿದರು.
ವಿವಿಧ ಕಾಮಗಾರಿಗಳ ಉದ್ಘಾಟನೆ, ಶಂಕುಸ್ಥಾಪನೆ
ಚಿಕ್ಕಬಳ್ಳಾಪುರ:	ಜಿಲ್ಲಾಡಳಿತ, ಜಿಲ್ಲಾ ಪಂಚಾಯತ್, ವೈದ್ಯಕೀಯ ಶಿಕ್ಷಣ ಇಲಾಖೆ ಮತ್ತು ನಗರಸಭೆ ಸಹಯೋಗದಲ್ಲಿ ಚಿಕ್ಕಬಳ್ಳಾಪುರ ಜಿಲ್ಲೆಯ ಹೆಲ್ತ್ ಸಿಟಿ ವ್ಯಾಪ್ತಿಯಲ್ಲಿ ಹೆಚ್.ಎನ್.ವ್ಯಾಲಿ ಯೋಜನೆಯ 164 ಕೆರೆಗಳಿಗೆ ನೀರು ತುಂಬಿಸುವ ಯೋಜನೆ ಹಾಗೂ ವಿವಿಧ ಕಾಮಗಾರಿಗಳ ಉದ್ಘಾಟನೆ ಮತ್ತು ಶಂಕುಸ್ಥಾಪನೆ ಕಾರ್ಯಕ್ರಮ ನೆರವೇರಿತು. ಕೃಷಿ ಸಚಿವರು ಹಾಗೂ ಜಿಲ್ಲಾ ಉಸ್ತುವಾರಿ ಸಚಿವರು ಕಾರ್ಯಕ್ರಮದಲ್ಲಿ ಭಾಗವಹಿಸಿದ್ದರು.
ಕೆ. ಪಾಟೀಲ್, ಆಹಾರ ಮತ್ತು ನಾಗರಿಕ ಸರಬರಾಜು ಸಚಿವರು, ಕಂದಾಯ ಸಚಿವರು, ಆರೋಗ್ಯ ಮತ್ತು ಕುಟುಂಬ ಕಲ್ಯಾಣ ಸಚಿವರು, ಸಮಾಜ ಕಲ್ಯಾಣ ಸಚಿವರು ಹಾಗೂ ವಿವಿಧ ಇಲಾಖೆಗಳ ಸಚಿವರು ಭಾಗವಹಿಸಿದ್ದರು. ಸಂಸದರು, ಶಾಸಕರು, ವಿಧಾನ ಪರಿಷತ್ ಸದಸ್ಯರು, ಜಿಲ್ಲಾಧಿಕಾರಿಗಳು ಹಾಗೂ ಜಿಲ್ಲಾ ಪಂಚಾಯತ್ ಮುಖ್ಯ ಕಾರ್ಯನಿರ್ವಾಹಕ ಅಧಿಕಾರಿಗಳು ಉಪಸ್ಥಿತರಿದ್ದರು.
ಸಚಿವರಾದ ಮಹಿಳಾ ಮತ್ತು ಮಕ್ಕಳ ಕಲ್ಯಾಣ ಇಲಾಖೆ, ಉನ್ನತ ಶಿಕ್ಷಣ ಸಚಿವರು, ಕಾರ್ಮಿಕ ಸಚಿವರು, ಸಣ್ಣ ನೀರಾವರಿ ಸಚಿವರು ಹಾಗೂ ಸ್ಥಳೀಯ ಜನಪ್ರತಿನಿಧಿಗಳು ಮತ್ತು ನಾಗರಿಕರು ಪಾಲ್ಗೊಂಡಿದ್ದರು. ಅಭಿವೃದ್ಧಿ ಕಾರ್ಯಗಳಿಂದ ಜಿಲ್ಲೆಯ ಜನರಿಗೆ ಅನುಕೂಲವಾಗಲಿದೆ.
ಸಚಿವರಾದ ವಸತಿ ಮತ್ತು ಅಲ್ಪಸಂಖ್ಯಾತರ ಕಲ್ಯಾಣ, ಪೌರಾಡಳಿತ ಮತ್ತು ಹಜ್ ಸಚಿವರು, ಸಣ್ಣ ಕೈಗಾರಿಕೆ ಸಚಿವರು, ಸಕ್ಕರೆ ಮತ್ತು ಕೃಷಿ ಮಾರುಕಟ್ಟೆ ಸಚಿವರು ಹಾಗೂ ಇತರ ಗಣ್ಯರು ಉಪಸ್ಥಿತರಿದ್ದರು. ಕಾರ್ಯಕ್ರಮದಲ್ಲಿ ಅಧಿಕಾರಿಗಳು ಸಾರ್ವಜನಿಕರು ಭಾಗವಹಿಸಿದ್ದರು.
